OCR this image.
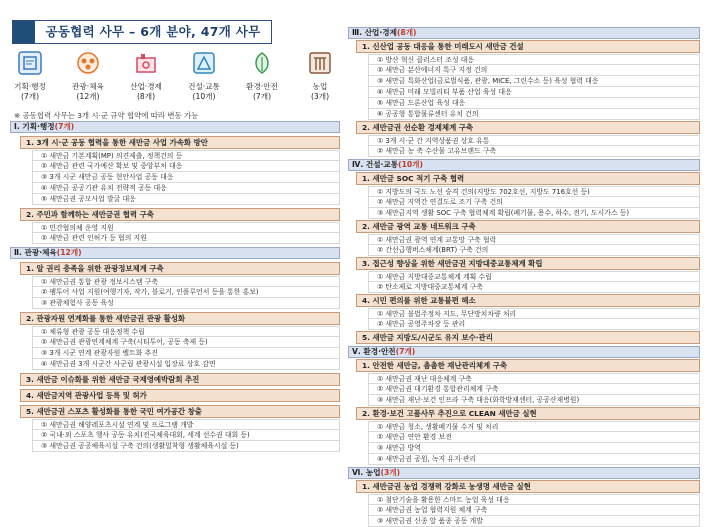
공동협력 사무 – 6개 분야, 47개 사무
기획·행정
(7개)
관광·체육
(12개)
산업·경제
(8개)
건설·교통
(10개)
환경·안전
(7개)
농업
(3개)
※ 공동협력 사무는 3개 시·군 규약 협약에 따라 변동 가능
Ⅰ. 기획·행정(7개)
1. 3개 시·군 공동 협력을 통한 새만금 사업 가속화 방안
① 새만금 기본계획(MP) 의견제출, 정책건의 등
② 새만금 관련 국가예산 확보 및 중앙부처 대응
③ 3개 시군 새만금 공동 현안사업 공동 대응
④ 새만금 공공기관 유치 전략적 공동 대응
⑤ 새만금권 공모사업 발굴 대응
2. 주민과 함께하는 새만금권 협력 구축
① 민간협의체 운영 지원
② 새만금 관련 인허가 등 협의 지원
Ⅱ. 관광·체육(12개)
1. 알 권리 충족을 위한 관광정보체계 구축
① 새만금권 통합 관광 정보시스템 구축
② 팸투어 사업 지원(여행기자, 작가, 블로거, 인플루언서 등을 통한 홍보)
③ 관광체험사 공동 육성
2. 관광자원 연계화를 통한 새만금권 관광 활성화
① 체류형 관광 공동 대응정책 수립
② 새만금권 관광연계체계 구축(시티투어, 공동 축제 등)
③ 3개 시군 연계 관광자원 벨트화 추진
④ 새만금권 3개 시군간 사군립 관광시설 입장료 상호 감면
3. 새만금 이슈화를 위한 새만금 국제영예박람회 추진
4. 새만금지역 관광사업 등록 및 허가
5. 새만금권 스포츠 활성화를 통한 국민 여가공간 창출
① 새만금권 해양레포츠시설 연계 및 프로그램 개발
② 국내·외 스포츠 행사 공동 유치(전국체육대회, 세계 선수권 대회 등)
③ 새만금권 공공체육시설 구축 건의(생활밀착형 생활체육시설 등)
Ⅲ. 산업·경제(8개)
1. 신산업 공동 대응을 통한 미래도시 새만금 건설
① 방산 혁신 클러스터 조성 대응
② 새만금 분산에너지 특구 지정 건의
③ 새만금 특화산업(금로벌식품, 관광, MICE, 그린수소 등) 육성 협력 대응
④ 새만금 미래 모빌리티 부품 산업 육성 대응
⑤ 새만금 드론산업 육성 대응
⑥ 공공형 통합물류센터 유치 건의
2. 새만금권 선순환 경제체계 구축
① 3개 시·군 간 지역상품권 상호 유통
② 새만금 농 축 수산물 고유브랜드 구축
Ⅳ. 건설·교통(10개)
1. 새만금 SOC 적기 구축 협력
① 지방도의 국도 노선 승격 건의(지방도 702호선, 지방도 716호선 등)
② 새만금 지역간 연결도로 조기 구축 건의
③ 새만금지역 생활 SOC 구축 협력체계 확립(폐기물, 용수, 하수, 전기, 도시가스 등)
2. 새만금 광역 교통 네트워크 구축
① 새만금권 광역 연계 교통망 구축 협력
② 간선급행버스체계(BRT) 구축 건의
3. 접근성 향상을 위한 새만금권 지방대중교통체계 확립
① 새만금 지방대중교통체계 계획 수립
② 탄소제로 지방대중교통체계 구축
4. 시민 편의를 위한 교통불편 해소
① 새만금 불법주정차 지도, 무단방치차량 처리
② 새만금 공영주차장 등 관리
5. 새만금 지방도/시군도 유지 보수·관리
Ⅴ. 환경·안전(7개)
1. 안전한 새만금, 촘촘한 재난관리체계 구축
① 새만금권 재난 대응체계 구축
② 새만금권 대기환경 통합관리체계 구축
③ 새만금 재난·보건 인프라 구축 대응(화학방재센터, 공공산재병원)
2. 환경·보건 고품사무 추진으로 CLEAN 새만금 실현
① 새만금 청소, 생활폐기물 수거 및 처리
② 새만금 연안 환경 보전
③ 새만금 방역
④ 새만금권 공원, 녹지 유지·관리
Ⅵ. 농업(3개)
1. 새만금권 농업 경쟁력 강화로 농생명 새만금 실현
① 첨단기술을 활용한 스마트 농업 육성 대응
② 새만금권 농업 협력지원 체계 구축
③ 새만금권 신종 앞 품종 공동 개발
